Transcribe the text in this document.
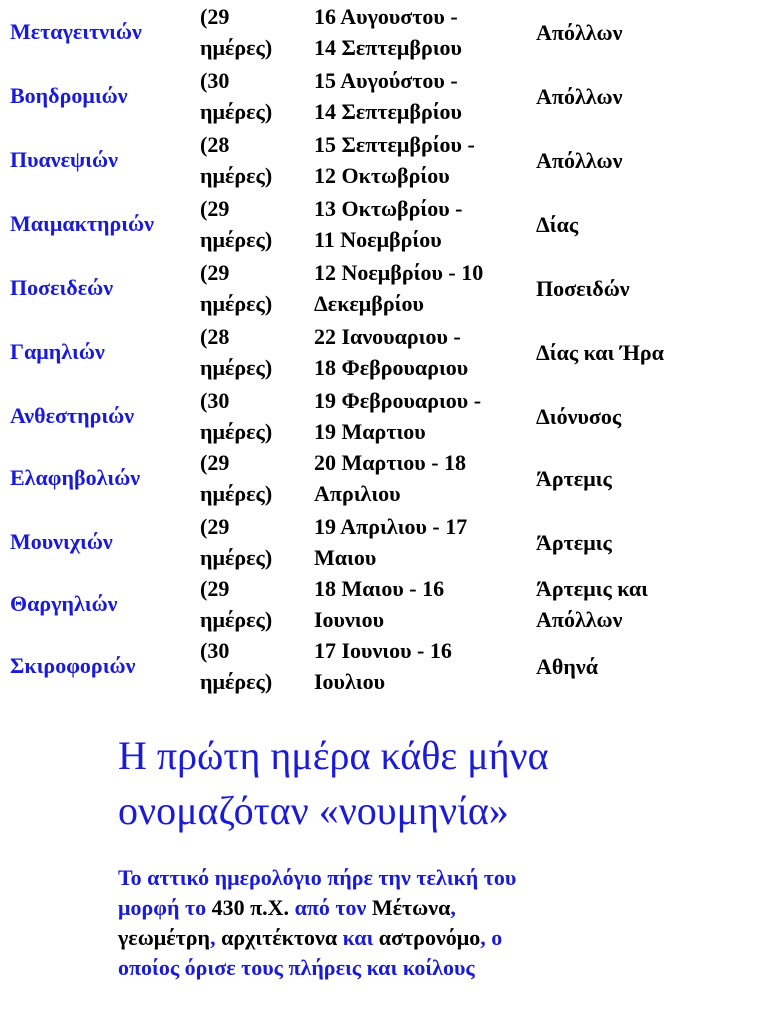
Μεταγειτνιών
(29
ημέρες)
16 Αυγουστου -
14 Σεπτεμβριου
Απόλλων
Βοηδρομιών
(30
ημέρες)
15 Αυγούστου -
14 Σεπτεμβρίου
Απόλλων
Πυανεψιών
(28
ημέρες)
15 Σεπτεμβρίου -
12 Οκτωβρίου
Απόλλων
Μαιμακτηριών
(29
ημέρες)
13 Οκτωβρίου -
11 Νοεμβρίου
Δίας
Ποσειδεών
(29
ημέρες)
12 Νοεμβρίου - 10
Δεκεμβρίου
Ποσειδών
Γαμηλιών
(28
ημέρες)
22 Ιανουαριου -
18 Φεβρουαριου
Δίας και Ήρα
Ανθεστηριών
(30
ημέρες)
19 Φεβρουαριου -
19 Μαρτιου
Διόνυσος
Ελαφηβολιών
(29
ημέρες)
20 Μαρτιου - 18
Απριλιου
Άρτεμις
Μουνιχιών
(29
ημέρες)
19 Απριλιου - 17
Μαιου
Άρτεμις
Θαργηλιών
(29
ημέρες)
18 Μαιου - 16
Ιουνιου
Άρτεμις και
Απόλλων
Σκιροφοριών
(30
ημέρες)
17 Ιουνιου - 16
Ιουλιου
Αθηνά
Η πρώτη ημέρα κάθε μήνα
ονομαζόταν «νουμηνία»
Το αττικό ημερολόγιο πήρε την τελική του
μορφή το 430 π.Χ. από τον Μέτωνα,
γεωμέτρη, αρχιτέκτονα και αστρονόμο, ο
οποίος όρισε τους πλήρεις και κοίλους
